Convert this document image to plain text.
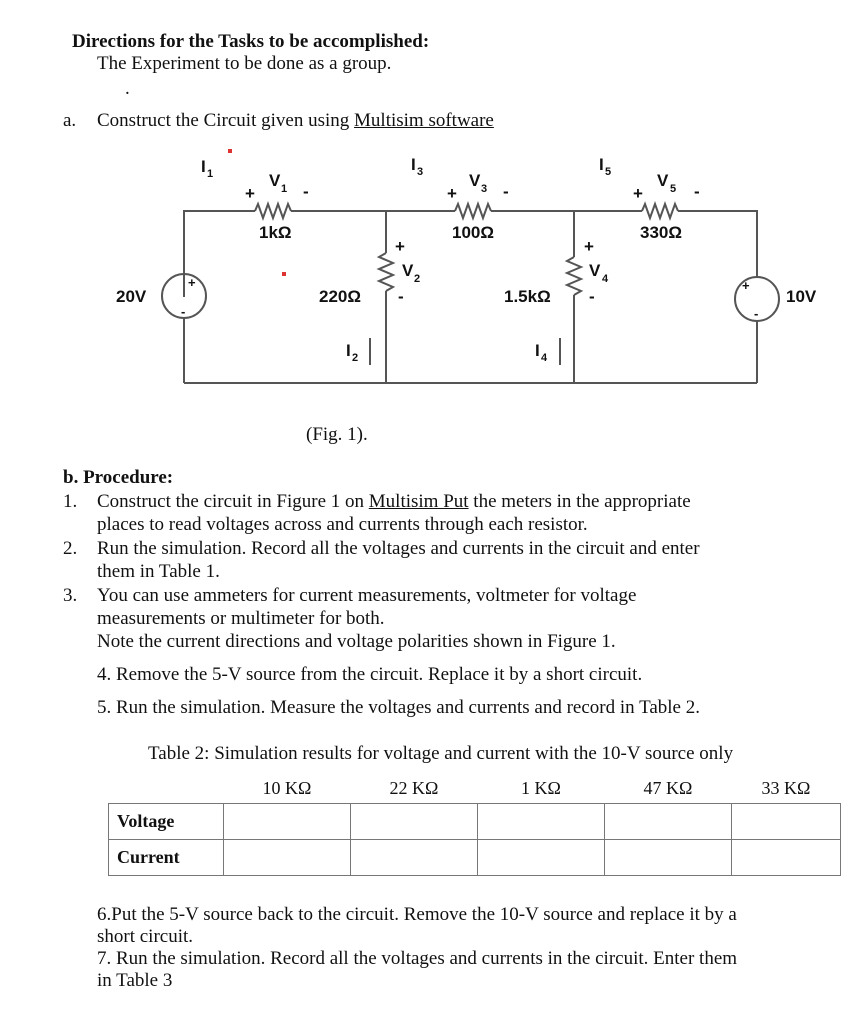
Directions for the Tasks to be accomplished:
The Experiment to be done as a group.
.
a. Construct the Circuit given using Multisim software
I 1	I 3	I 5
I 2	I 4
V 1
+	-
V 3
+	-
V 5
+	-
V 2
+
-
V 4
+
-
1kΩ	100Ω	330Ω
220Ω	1.5kΩ
20V
+
-
10V
+
-
(Fig. 1).
b. Procedure:
1. Construct the circuit in Figure 1 on Multisim Put the meters in the appropriate
places to read voltages across and currents through each resistor.
2. Run the simulation. Record all the voltages and currents in the circuit and enter
them in Table 1.
3. You can use ammeters for current measurements, voltmeter for voltage
measurements or multimeter for both.
Note the current directions and voltage polarities shown in Figure 1.
4. Remove the 5-V source from the circuit. Replace it by a short circuit.
5. Run the simulation. Measure the voltages and currents and record in Table 2.
Table 2: Simulation results for voltage and current with the 10-V source only
	10 KΩ	22 KΩ	1 KΩ	47 KΩ	33 KΩ
Voltage					
Current					
6.Put the 5-V source back to the circuit. Remove the 10-V source and replace it by a
short circuit.
7. Run the simulation. Record all the voltages and currents in the circuit. Enter them
in Table 3
